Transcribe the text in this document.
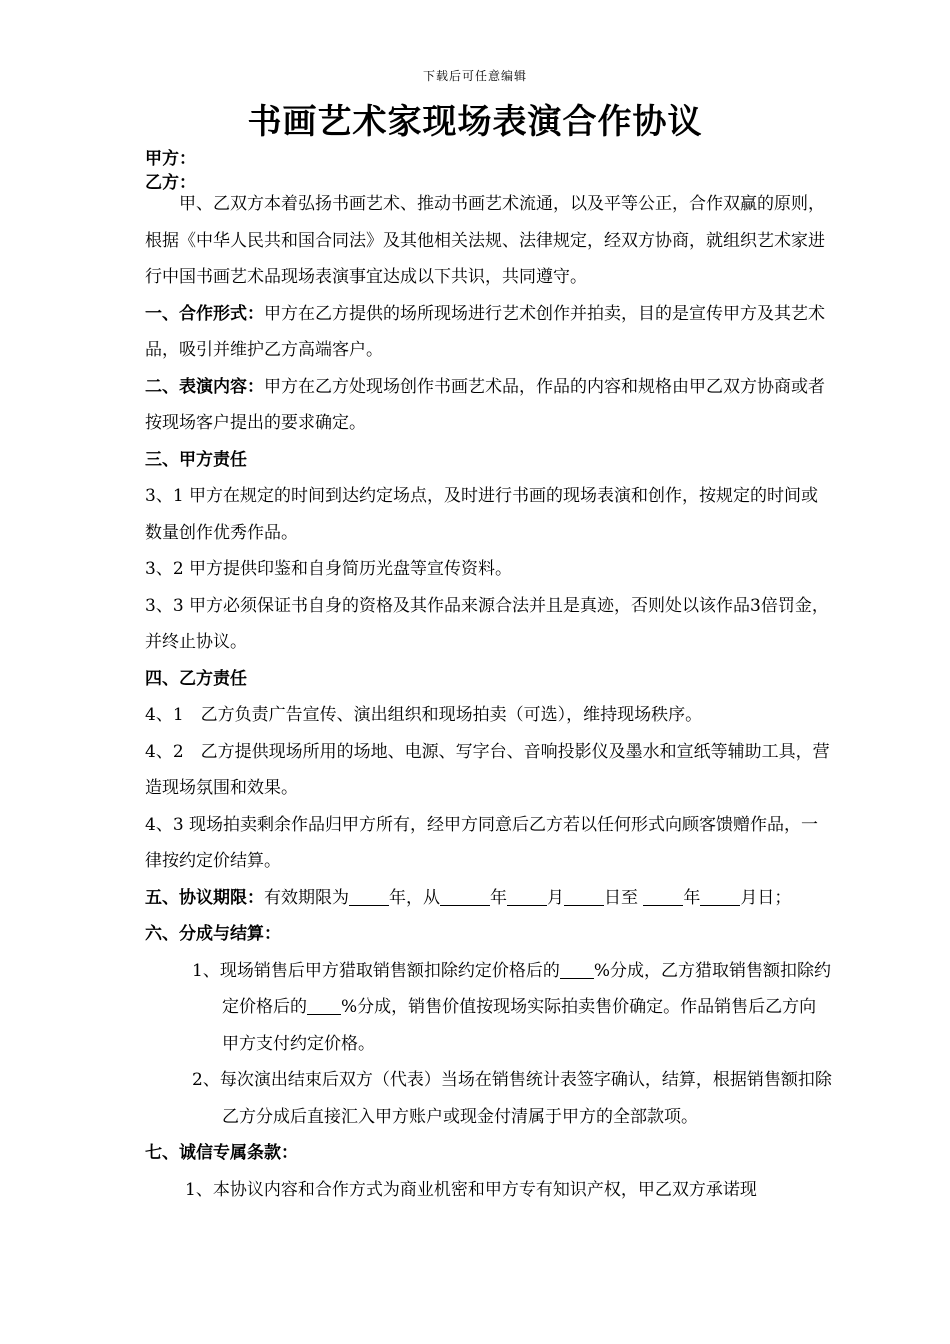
下载后可任意编辑
书画艺术家现场表演合作协议
甲方：
乙方：

甲、乙双方本着弘扬书画艺术、推动书画艺术流通，以及平等公正，合作双赢的原则，根据《中华人民共和国合同法》及其他相关法规、法律规定，经双方协商，就组织艺术家进行中国书画艺术品现场表演事宜达成以下共识，共同遵守。

一、合作形式：甲方在乙方提供的场所现场进行艺术创作并拍卖，目的是宣传甲方及其艺术品，吸引并维护乙方高端客户。

二、表演内容：甲方在乙方处现场创作书画艺术品，作品的内容和规格由甲乙双方协商或者按现场客户提出的要求确定。

三、甲方责任

3、1 甲方在规定的时间到达约定场点，及时进行书画的现场表演和创作，按规定的时间或数量创作优秀作品。

3、2 甲方提供印鉴和自身简历光盘等宣传资料。

3、3 甲方必须保证书自身的资格及其作品来源合法并且是真迹，否则处以该作品3倍罚金，并终止协议。

四、乙方责任

4、1　乙方负责广告宣传、演出组织和现场拍卖（可选），维持现场秩序。

4、2　乙方提供现场所用的场地、电源、写字台、音响投影仪及墨水和宣纸等辅助工具，营造现场氛围和效果。

4、3 现场拍卖剩余作品归甲方所有，经甲方同意后乙方若以任何形式向顾客馈赠作品，一律按约定价结算。

五、协议期限：有效期限为 年，从	年 月 日至 年 月日；

六、分成与结算：

1、现场销售后甲方猎取销售额扣除约定价格后的 %分成，乙方猎取销售额扣除约定价格后的 %分成，销售价值按现场实际拍卖售价确定。作品销售后乙方向甲方支付约定价格。

2、每次演出结束后双方（代表）当场在销售统计表签字确认，结算，根据销售额扣除乙方分成后直接汇入甲方账户或现金付清属于甲方的全部款项。

七、诚信专属条款：

1、本协议内容和合作方式为商业机密和甲方专有知识产权，甲乙双方承诺现
